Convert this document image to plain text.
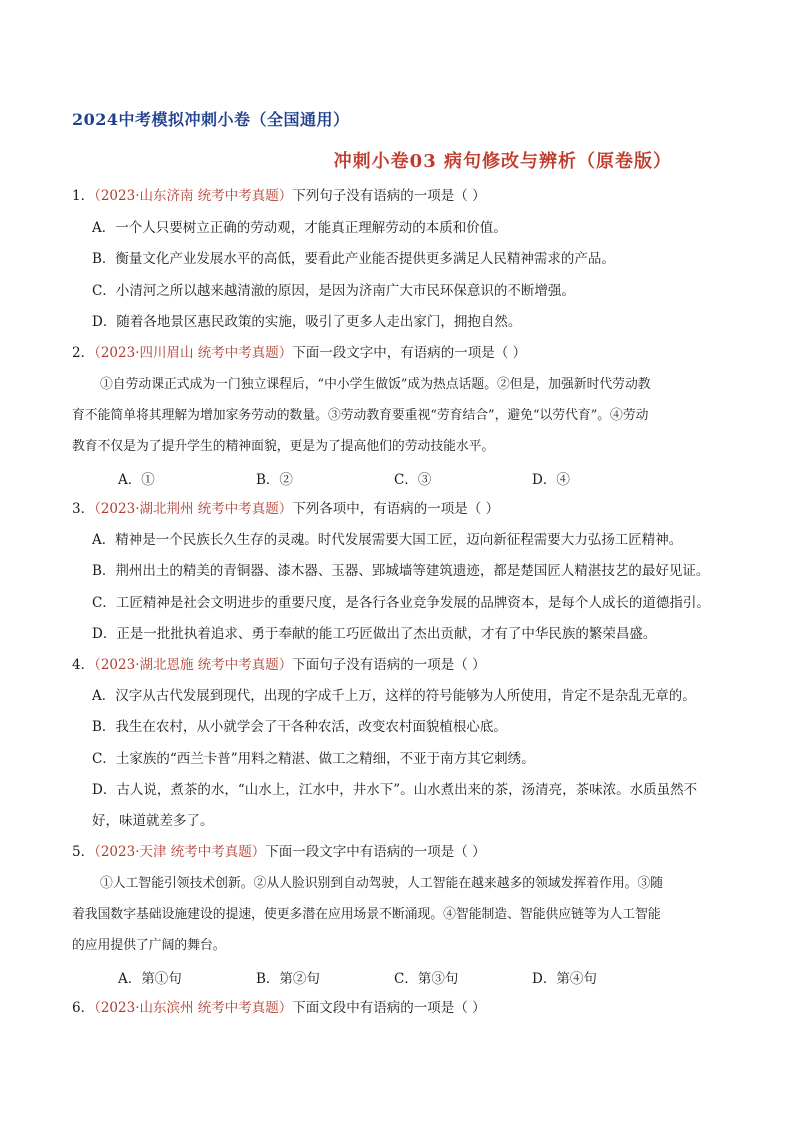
2024中考模拟冲刺小卷（全国通用）
冲刺小卷03 病句修改与辨析（原卷版）
1．（2023·山东济南 统考中考真题）下列句子没有语病的一项是（ ）
A．一个人只要树立正确的劳动观，才能真正理解劳动的本质和价值。
B．衡量文化产业发展水平的高低，要看此产业能否提供更多满足人民精神需求的产品。
C．小清河之所以越来越清澈的原因，是因为济南广大市民环保意识的不断增强。
D．随着各地景区惠民政策的实施，吸引了更多人走出家门，拥抱自然。
2．（2023·四川眉山 统考中考真题）下面一段文字中，有语病的一项是（ ）
①自劳动课正式成为一门独立课程后，“中小学生做饭”成为热点话题。②但是，加强新时代劳动教
育不能简单将其理解为增加家务劳动的数量。③劳动教育要重视“劳育结合”，避免“以劳代育”。④劳动
教育不仅是为了提升学生的精神面貌，更是为了提高他们的劳动技能水平。
A．①	B．②	C．③	D．④
3．（2023·湖北荆州 统考中考真题）下列各项中，有语病的一项是（ ）
A．精神是一个民族长久生存的灵魂。时代发展需要大国工匠，迈向新征程需要大力弘扬工匠精神。
B．荆州出土的精美的青铜器、漆木器、玉器、郢城墙等建筑遗迹，都是楚国匠人精湛技艺的最好见证。
C．工匠精神是社会文明进步的重要尺度，是各行各业竞争发展的品牌资本，是每个人成长的道德指引。
D．正是一批批执着追求、勇于奉献的能工巧匠做出了杰出贡献，才有了中华民族的繁荣昌盛。
4．（2023·湖北恩施 统考中考真题）下面句子没有语病的一项是（ ）
A．汉字从古代发展到现代，出现的字成千上万，这样的符号能够为人所使用，肯定不是杂乱无章的。
B．我生在农村，从小就学会了干各种农活，改变农村面貌植根心底。
C．土家族的“西兰卡普”用料之精湛、做工之精细，不亚于南方其它刺绣。
D．古人说，煮茶的水，“山水上，江水中，井水下”。山水煮出来的茶，汤清亮，茶味浓。水质虽然不
好，味道就差多了。
5．（2023·天津 统考中考真题）下面一段文字中有语病的一项是（ ）
①人工智能引领技术创新。②从人脸识别到自动驾驶，人工智能在越来越多的领域发挥着作用。③随
着我国数字基础设施建设的提速，使更多潜在应用场景不断涌现。④智能制造、智能供应链等为人工智能
的应用提供了广阔的舞台。
A．第①句	B．第②句	C．第③句	D．第④句
6．（2023·山东滨州 统考中考真题）下面文段中有语病的一项是（ ）
